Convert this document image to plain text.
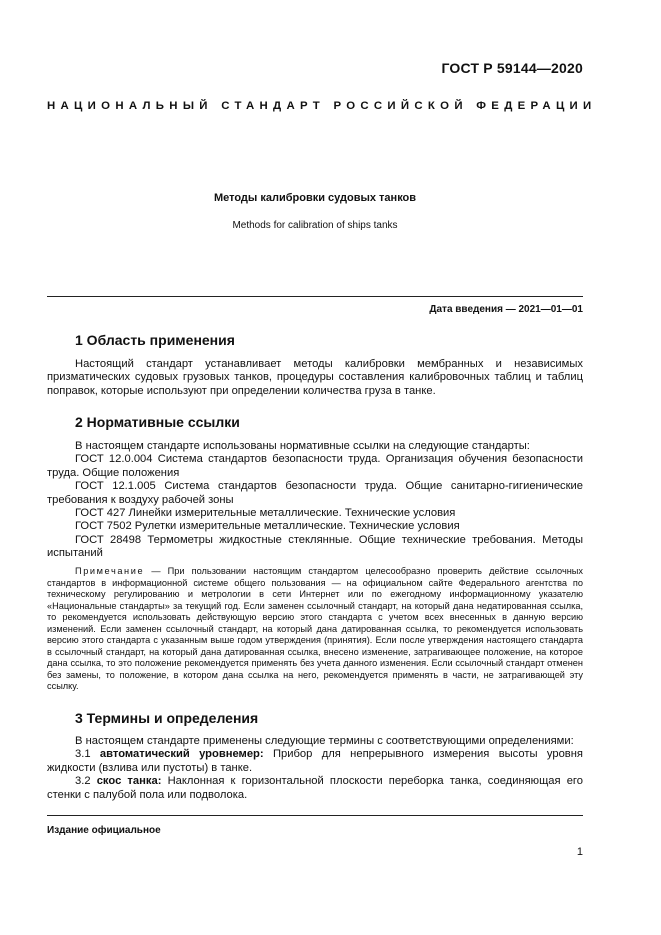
ГОСТ Р 59144—2020
НАЦИОНАЛЬНЫЙ СТАНДАРТ РОССИЙСКОЙ ФЕДЕРАЦИИ
Методы калибровки судовых танков
Methods for calibration of ships tanks
Дата введения — 2021—01—01
1 Область применения

Настоящий стандарт устанавливает методы калибровки мембранных и независимых призматических судовых грузовых танков, процедуры составления калибровочных таблиц и таблиц поправок, которые используют при определении количества груза в танке.

2 Нормативные ссылки

В настоящем стандарте использованы нормативные ссылки на следующие стандарты:

ГОСТ 12.0.004 Система стандартов безопасности труда. Организация обучения безопасности труда. Общие положения

ГОСТ 12.1.005 Система стандартов безопасности труда. Общие санитарно-гигиенические требования к воздуху рабочей зоны

ГОСТ 427 Линейки измерительные металлические. Технические условия

ГОСТ 7502 Рулетки измерительные металлические. Технические условия

ГОСТ 28498 Термометры жидкостные стеклянные. Общие технические требования. Методы испытаний

Примечание — При пользовании настоящим стандартом целесообразно проверить действие ссылочных стандартов в информационной системе общего пользования — на официальном сайте Федерального агентства по техническому регулированию и метрологии в сети Интернет или по ежегодному информационному указателю «Национальные стандарты» за текущий год. Если заменен ссылочный стандарт, на который дана недатированная ссылка, то рекомендуется использовать действующую версию этого стандарта с учетом всех внесенных в данную версию изменений. Если заменен ссылочный стандарт, на который дана датированная ссылка, то рекомендуется использовать версию этого стандарта с указанным выше годом утверждения (принятия). Если после утверждения настоящего стандарта в ссылочный стандарт, на который дана датированная ссылка, внесено изменение, затрагивающее положение, на которое дана ссылка, то это положение рекомендуется применять без учета данного изменения. Если ссылочный стандарт отменен без замены, то положение, в котором дана ссылка на него, рекомендуется применять в части, не затрагивающей эту ссылку.

3 Термины и определения

В настоящем стандарте применены следующие термины с соответствующими определениями:

3.1 автоматический уровнемер: Прибор для непрерывного измерения высоты уровня жидкости (взлива или пустоты) в танке.

3.2 скос танка: Наклонная к горизонтальной плоскости переборка танка, соединяющая его стенки с палубой пола или подволока.

Издание официальное
1
